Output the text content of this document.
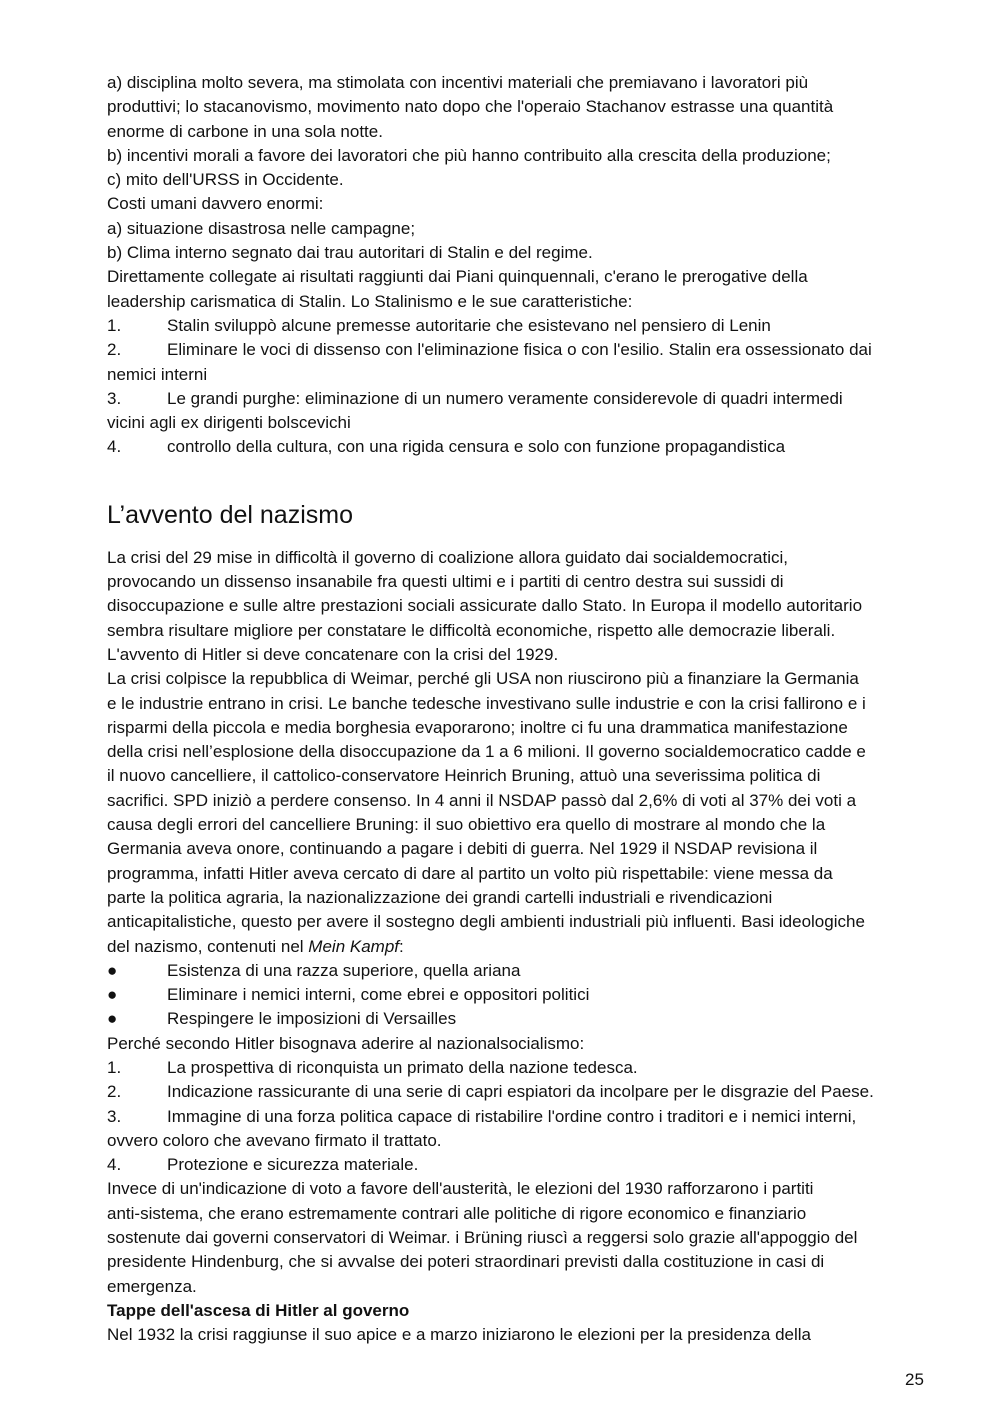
a) disciplina molto severa, ma stimolata con incentivi materiali che premiavano i lavoratori più

produttivi; lo stacanovismo, movimento nato dopo che l'operaio Stachanov estrasse una quantità

enorme di carbone in una sola notte.

b) incentivi morali a favore dei lavoratori che più hanno contribuito alla crescita della produzione;

c) mito dell'URSS in Occidente.

Costi umani davvero enormi:

a) situazione disastrosa nelle campagne;

b) Clima interno segnato dai trau autoritari di Stalin e del regime.

Direttamente collegate ai risultati raggiunti dai Piani quinquennali, c'erano le prerogative della

leadership carismatica di Stalin. Lo Stalinismo e le sue caratteristiche:

1.	Stalin sviluppò alcune premesse autoritarie che esistevano nel pensiero di Lenin
2.	Eliminare le voci di dissenso con l'eliminazione fisica o con l'esilio. Stalin era ossessionato dai

nemici interni

3.	Le grandi purghe: eliminazione di un numero veramente considerevole di quadri intermedi

vicini agli ex dirigenti bolscevichi

4.	controllo della cultura, con una rigida censura e solo con funzione propagandistica
L’avvento del nazismo

La crisi del 29 mise in difficoltà il governo di coalizione allora guidato dai socialdemocratici,

provocando un dissenso insanabile fra questi ultimi e i partiti di centro destra sui sussidi di

disoccupazione e sulle altre prestazioni sociali assicurate dallo Stato. In Europa il modello autoritario

sembra risultare migliore per constatare le difficoltà economiche, rispetto alle democrazie liberali.

L'avvento di Hitler si deve concatenare con la crisi del 1929.

La crisi colpisce la repubblica di Weimar, perché gli USA non riuscirono più a finanziare la Germania

e le industrie entrano in crisi. Le banche tedesche investivano sulle industrie e con la crisi fallirono e i

risparmi della piccola e media borghesia evaporarono; inoltre ci fu una drammatica manifestazione

della crisi nell’esplosione della disoccupazione da 1 a 6 milioni. Il governo socialdemocratico cadde e

il nuovo cancelliere, il cattolico-conservatore Heinrich Bruning, attuò una severissima politica di

sacrifici. SPD iniziò a perdere consenso. In 4 anni il NSDAP passò dal 2,6% di voti al 37% dei voti a

causa degli errori del cancelliere Bruning: il suo obiettivo era quello di mostrare al mondo che la

Germania aveva onore, continuando a pagare i debiti di guerra. Nel 1929 il NSDAP revisiona il

programma, infatti Hitler aveva cercato di dare al partito un volto più rispettabile: viene messa da

parte la politica agraria, la nazionalizzazione dei grandi cartelli industriali e rivendicazioni

anticapitalistiche, questo per avere il sostegno degli ambienti industriali più influenti. Basi ideologiche

del nazismo, contenuti nel Mein Kampf:

●	Esistenza di una razza superiore, quella ariana
●	Eliminare i nemici interni, come ebrei e oppositori politici
●	Respingere le imposizioni di Versailles

Perché secondo Hitler bisognava aderire al nazionalsocialismo:

1.	La prospettiva di riconquista un primato della nazione tedesca.
2.	Indicazione rassicurante di una serie di capri espiatori da incolpare per le disgrazie del Paese.
3.	Immagine di una forza politica capace di ristabilire l'ordine contro i traditori e i nemici interni,

ovvero coloro che avevano firmato il trattato.

4.	Protezione e sicurezza materiale.

Invece di un'indicazione di voto a favore dell'austerità, le elezioni del 1930 rafforzarono i partiti

anti-sistema, che erano estremamente contrari alle politiche di rigore economico e finanziario

sostenute dai governi conservatori di Weimar. i Brüning riuscì a reggersi solo grazie all'appoggio del

presidente Hindenburg, che si avvalse dei poteri straordinari previsti dalla costituzione in casi di

emergenza.

Tappe dell'ascesa di Hitler al governo

Nel 1932 la crisi raggiunse il suo apice e a marzo iniziarono le elezioni per la presidenza della

25
